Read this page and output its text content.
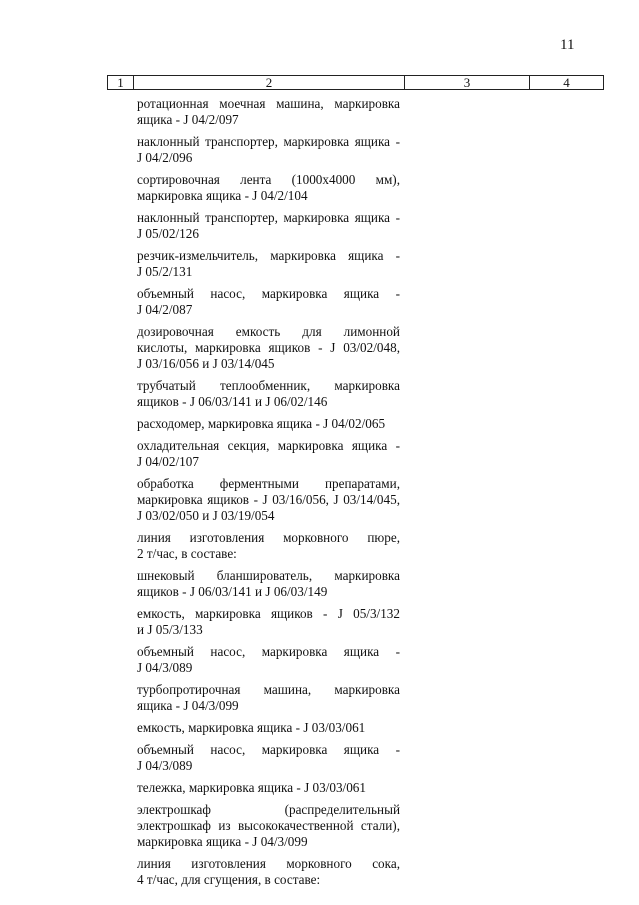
11
1	2	3	4
ротационная моечная машина, маркировка
ящика - J 04/2/097
наклонный транспортер, маркировка ящика -
J 04/2/096
сортировочная лента (1000х4000 мм),
маркировка ящика - J 04/2/104
наклонный транспортер, маркировка ящика -
J 05/02/126
резчик-измельчитель, маркировка ящика -
J 05/2/131
объемный насос, маркировка ящика -
J 04/2/087
дозировочная емкость для лимонной
кислоты, маркировка ящиков - J 03/02/048,
J 03/16/056 и J 03/14/045
трубчатый теплообменник, маркировка
ящиков - J 06/03/141 и J 06/02/146
расходомер, маркировка ящика - J 04/02/065
охладительная секция, маркировка ящика -
J 04/02/107
обработка ферментными препаратами,
маркировка ящиков - J 03/16/056, J 03/14/045,
J 03/02/050 и J 03/19/054
линия изготовления морковного пюре,
2 т/час, в составе:
шнековый бланширователь, маркировка
ящиков - J 06/03/141 и J 06/03/149
емкость, маркировка ящиков - J 05/3/132
и J 05/3/133
объемный насос, маркировка ящика -
J 04/3/089
турбопротирочная машина, маркировка
ящика - J 04/3/099
емкость, маркировка ящика - J 03/03/061
объемный насос, маркировка ящика -
J 04/3/089
тележка, маркировка ящика - J 03/03/061
электрошкаф (распределительный
электрошкаф из высококачественной стали),
маркировка ящика - J 04/3/099
линия изготовления морковного сока,
4 т/час, для сгущения, в составе:
